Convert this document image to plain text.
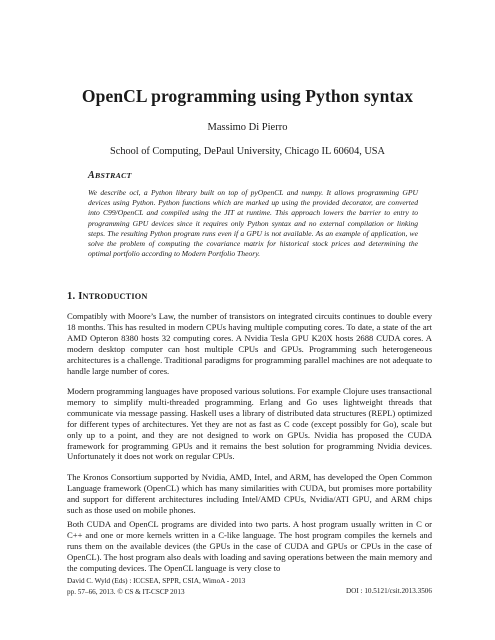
OpenCL programming using Python syntax
Massimo Di Pierro
School of Computing, DePaul University, Chicago IL 60604, USA
ABSTRACT

We describe ocl, a Python library built on top of pyOpenCL and numpy. It allows programming GPU devices using Python. Python functions which are marked up using the provided decorator, are converted into C99/OpenCL and compiled using the JIT at runtime. This approach lowers the barrier to entry to programming GPU devices since it requires only Python syntax and no external compilation or linking steps. The resulting Python program runs even if a GPU is not available. As an example of application, we solve the problem of computing the covariance matrix for historical stock prices and determining the optimal portfolio according to Modern Portfolio Theory.

1. INTRODUCTION

Compatibly with Moore’s Law, the number of transistors on integrated circuits continues to double every 18 months. This has resulted in modern CPUs having multiple computing cores. To date, a state of the art AMD Opteron 8380 hosts 32 computing cores. A Nvidia Tesla GPU K20X hosts 2688 CUDA cores. A modern desktop computer can host multiple CPUs and GPUs. Programming such heterogeneous architectures is a challenge. Traditional paradigms for programming parallel machines are not adequate to handle large number of cores.

Modern programming languages have proposed various solutions. For example Clojure uses transactional memory to simplify multi-threaded programming. Erlang and Go uses lightweight threads that communicate via message passing. Haskell uses a library of distributed data structures (REPL) optimized for different types of architectures. Yet they are not as fast as C code (except possibly for Go), scale but only up to a point, and they are not designed to work on GPUs. Nvidia has proposed the CUDA framework for programming GPUs and it remains the best solution for programming Nvidia devices. Unfortunately it does not work on regular CPUs.

The Kronos Consortium supported by Nvidia, AMD, Intel, and ARM, has developed the Open Common Language framework (OpenCL) which has many similarities with CUDA, but promises more portability and support for different architectures including Intel/AMD CPUs, Nvidia/ATI GPU, and ARM chips such as those used on mobile phones.

Both CUDA and OpenCL programs are divided into two parts. A host program usually written in C or C++ and one or more kernels written in a C-like language. The host program compiles the kernels and runs them on the available devices (the GPUs in the case of CUDA and GPUs or CPUs in the case of OpenCL). The host program also deals with loading and saving operations between the main memory and the computing devices. The OpenCL language is very close to

David C. Wyld (Eds) : ICCSEA, SPPR, CSIA, WimoA - 2013
pp. 57–66, 2013. © CS & IT-CSCP 2013	DOI : 10.5121/csit.2013.3506
